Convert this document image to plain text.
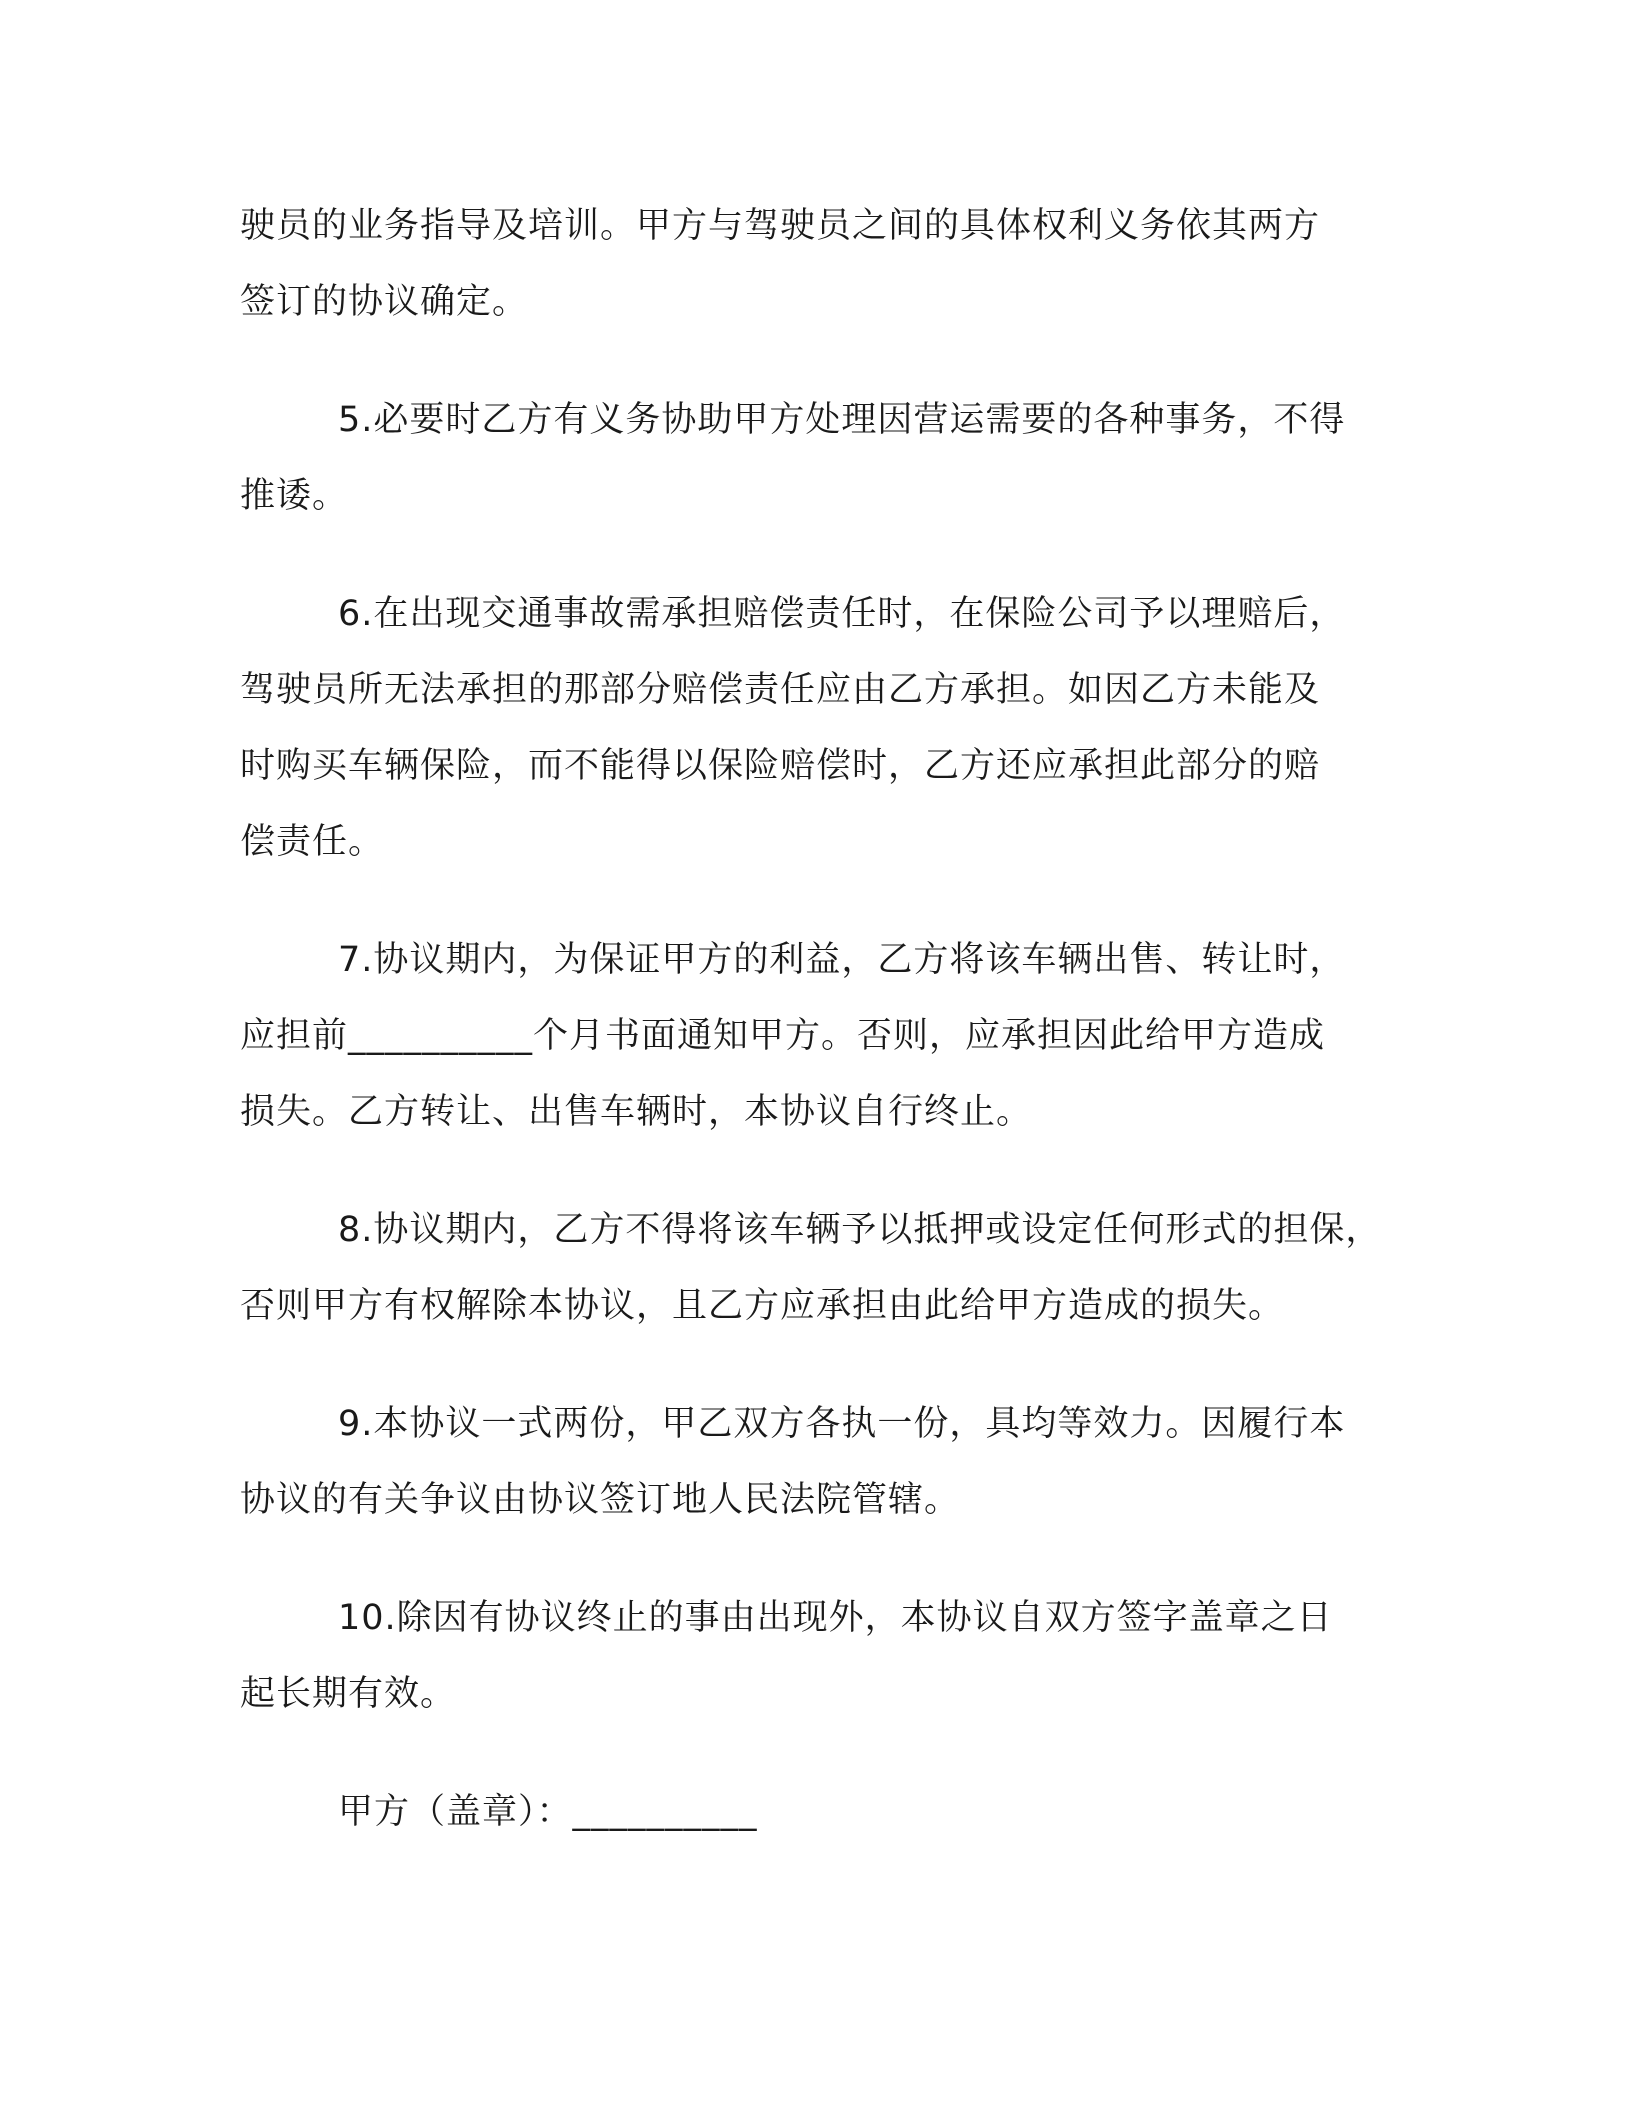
驶员的业务指导及培训。甲方与驾驶员之间的具体权利义务依其两方
签订的协议确定。

5.必要时乙方有义务协助甲方处理因营运需要的各种事务，不得
推诿。

6.在出现交通事故需承担赔偿责任时，在保险公司予以理赔后，
驾驶员所无法承担的那部分赔偿责任应由乙方承担。如因乙方未能及
时购买车辆保险，而不能得以保险赔偿时，乙方还应承担此部分的赔
偿责任。

7.协议期内，为保证甲方的利益，乙方将该车辆出售、转让时，
应担前__________个月书面通知甲方。否则，应承担因此给甲方造成
损失。乙方转让、出售车辆时，本协议自行终止。

8.协议期内，乙方不得将该车辆予以抵押或设定任何形式的担保，
否则甲方有权解除本协议，且乙方应承担由此给甲方造成的损失。

9.本协议一式两份，甲乙双方各执一份，具均等效力。因履行本
协议的有关争议由协议签订地人民法院管辖。

10.除因有协议终止的事由出现外，本协议自双方签字盖章之日
起长期有效。

甲方（盖章）：__________
